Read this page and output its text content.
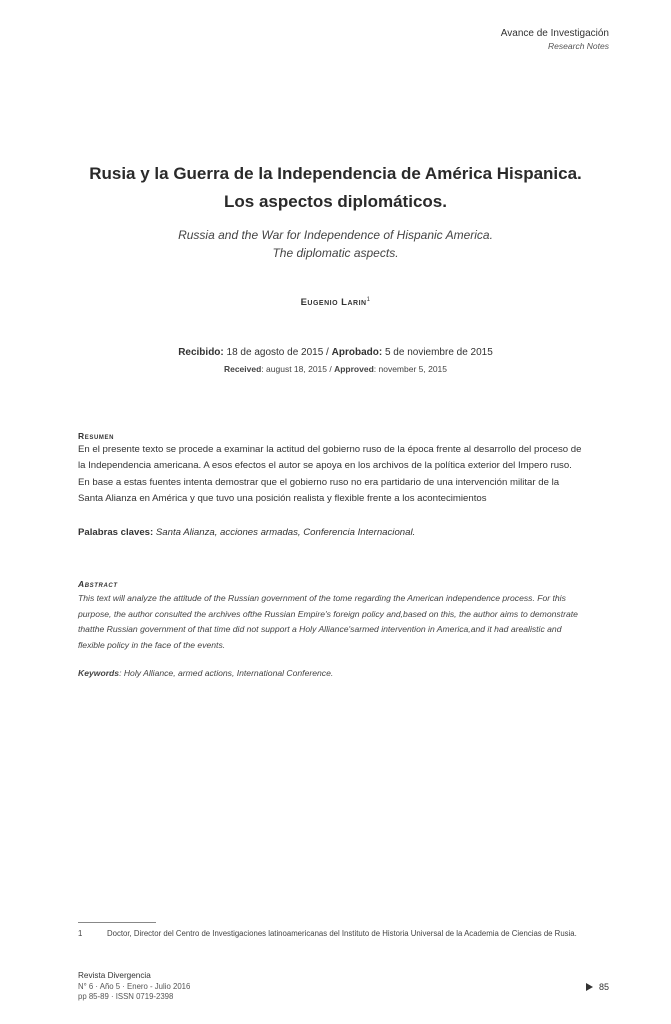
Avance de Investigación
Research Notes
Rusia y la Guerra de la Independencia de América Hispanica.
Los aspectos diplomáticos.
Russia and the War for Independence of Hispanic America.
The diplomatic aspects.
Eugenio Larin$^1$
Recibido: 18 de agosto de 2015 / Aprobado: 5 de noviembre de 2015
Received: august 18, 2015 / Approved: november 5, 2015
Resumen
En el presente texto se procede a examinar la actitud del gobierno ruso de la época frente al desarrollo del proceso de
la Independencia americana. A esos efectos el autor se apoya en los archivos de la política exterior del Impero ruso.
En base a estas fuentes intenta demostrar que el gobierno ruso no era partidario de una intervención militar de la
Santa Alianza en América y que tuvo una posición realista y flexible frente a los acontecimientos
Palabras claves: Santa Alianza, acciones armadas, Conferencia Internacional.
Abstract
This text will analyze the attitude of the Russian government of the tome regarding the American independence process. For this
purpose, the author consulted the archives ofthe Russian Empire's foreign policy and,based on this, the author aims to demonstrate
thatthe Russian government of that time did not support a Holy Alliance'sarmed intervention in America,and it had arealistic and
flexible policy in the face of the events.
Keywords: Holy Alliance, armed actions, International Conference.
1	Doctor, Director del Centro de Investigaciones latinoamericanas del Instituto de Historia Universal de la Academia de Ciencias de Rusia.
Revista Divergencia
N° 6 · Año 5 · Enero - Julio 2016
pp 85-89 · ISSN 0719-2398
85
